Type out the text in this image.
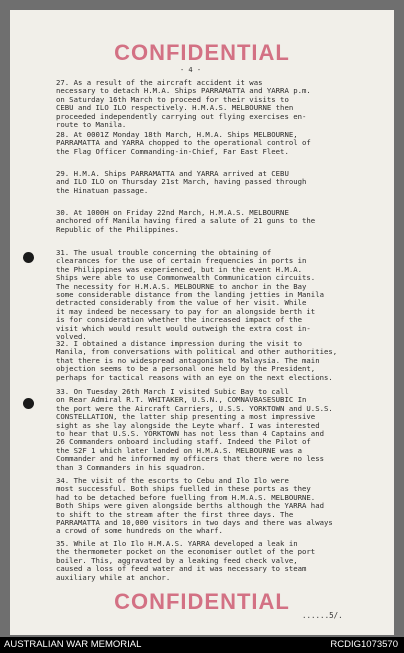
CONFIDENTIAL
- 4 -
27. As a result of the aircraft accident it was
necessary to detach H.M.A. Ships PARRAMATTA and YARRA p.m.
on Saturday 16th March to proceed for their visits to
CEBU and ILO ILO respectively. H.M.A.S. MELBOURNE then
proceeded independently carrying out flying exercises en-
route to Manila.
28. At 0001Z Monday 18th March, H.M.A. Ships MELBOURNE,
PARRAMATTA and YARRA chopped to the operational control of
the Flag Officer Commanding-in-Chief, Far East Fleet.
29. H.M.A. Ships PARRAMATTA and YARRA arrived at CEBU
and ILO ILO on Thursday 21st March, having passed through
the Hinatuan passage.
30. At 1000H on Friday 22nd March, H.M.A.S. MELBOURNE
anchored off Manila having fired a salute of 21 guns to the
Republic of the Philippines.
31. The usual trouble concerning the obtaining of
clearances for the use of certain frequencies in ports in
the Philippines was experienced, but in the event H.M.A.
Ships were able to use Commonwealth Communication circuits.
The necessity for H.M.A.S. MELBOURNE to anchor in the Bay
some considerable distance from the landing jetties in Manila
detracted considerably from the value of her visit. While
it may indeed be necessary to pay for an alongside berth it
is for consideration whether the increased impact of the
visit which would result would outweigh the extra cost in-
volved.
32. I obtained a distance impression during the visit to
Manila, from conversations with political and other authorities,
that there is no widespread antagonism to Malaysia. The main
objection seems to be a personal one held by the President,
perhaps for tactical reasons with an eye on the next elections.
33. On Tuesday 26th March I visited Subic Bay to call
on Rear Admiral R.T. WHITAKER, U.S.N., COMNAVBASESUBIC In
the port were the Aircraft Carriers, U.S.S. YORKTOWN and U.S.S.
CONSTELLATION, the latter ship presenting a most impressive
sight as she lay alongside the Leyte wharf. I was interested
to hear that U.S.S. YORKTOWN has not less than 4 Captains and
26 Commanders onboard including staff. Indeed the Pilot of
the S2F 1 which later landed on H.M.A.S. MELBOURNE was a
Commander and he informed my officers that there were no less
than 3 Commanders in his squadron.
34. The visit of the escorts to Cebu and Ilo Ilo were
most successful. Both ships fuelled in these ports as they
had to be detached before fuelling from H.M.A.S. MELBOURNE.
Both Ships were given alongside berths although the YARRA had
to shift to the stream after the first three days. The
PARRAMATTA and 10,000 visitors in two days and there was always
a crowd of some hundreds on the wharf.
35. While at Ilo Ilo H.M.A.S. YARRA developed a leak in
the thermometer pocket on the economiser outlet of the port
boiler. This, aggravated by a leaking feed check valve,
caused a loss of feed water and it was necessary to steam
auxiliary while at anchor.
CONFIDENTIAL
......5/.
AUSTRALIAN WAR MEMORIAL	RCDIG1073570
